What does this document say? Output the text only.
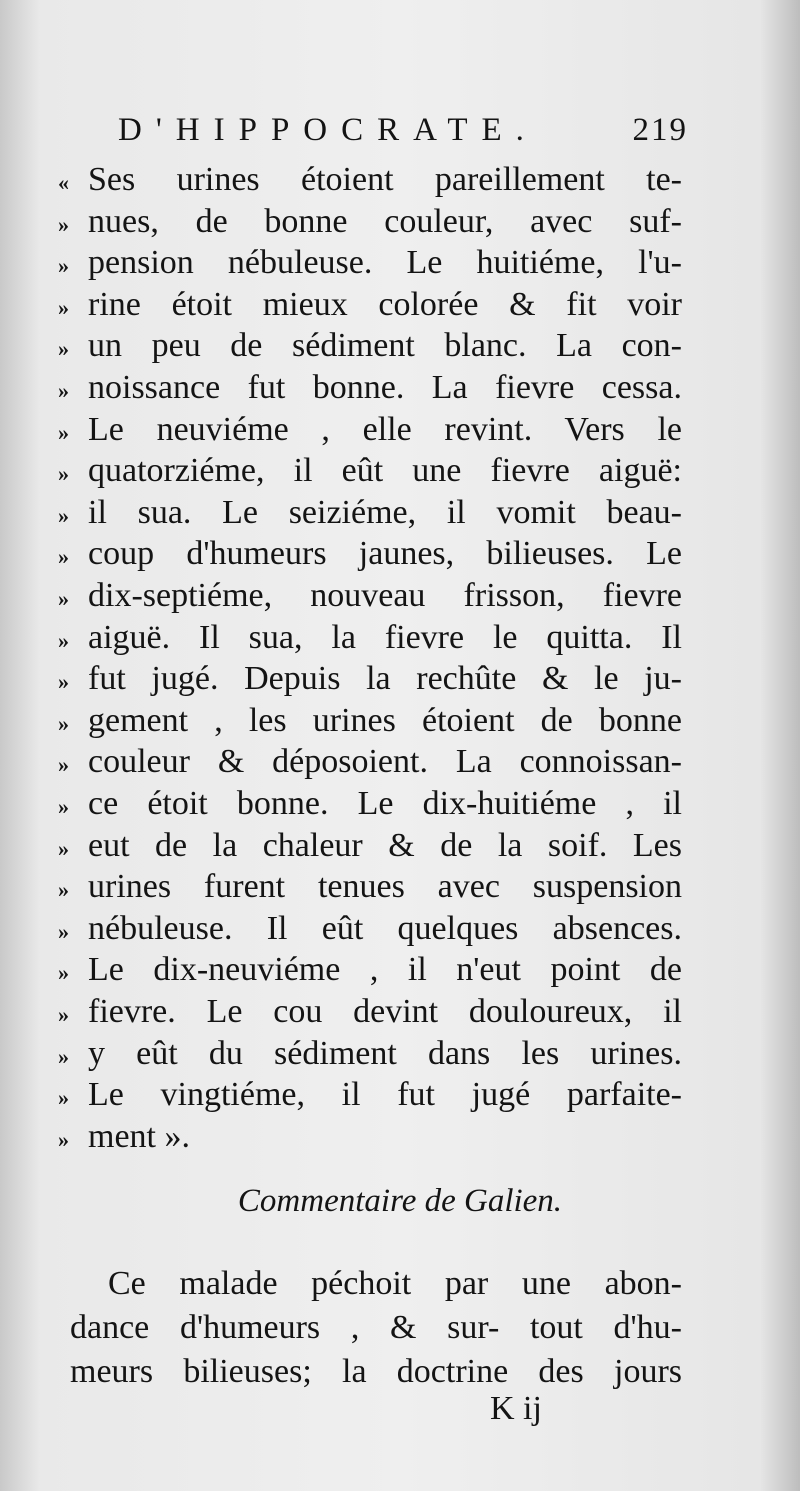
D'HIPPOCRATE.	219
« Ses urines étoient pareillement te-
» nues, de bonne couleur, avec suf-
» pension nébuleuse. Le huitiéme, l'u-
» rine étoit mieux colorée & fit voir
» un peu de sédiment blanc. La con-
» noissance fut bonne. La fievre cessa.
» Le neuviéme , elle revint. Vers le
» quatorziéme, il eût une fievre aiguë:
» il sua. Le seiziéme, il vomit beau-
» coup d'humeurs jaunes, bilieuses. Le
» dix-septiéme, nouveau frisson, fievre
» aiguë. Il sua, la fievre le quitta. Il
» fut jugé. Depuis la rechûte & le ju-
» gement , les urines étoient de bonne
» couleur & déposoient. La connoissan-
» ce étoit bonne. Le dix-huitiéme , il
» eut de la chaleur & de la soif. Les
» urines furent tenues avec suspension
» nébuleuse. Il eût quelques absences.
» Le dix-neuviéme , il n'eut point de
» fievre. Le cou devint douloureux, il
» y eût du sédiment dans les urines.
» Le vingtiéme, il fut jugé parfaite-
» ment ».
Commentaire de Galien.
Ce malade péchoit par une abon-
dance d'humeurs , & sur- tout d'hu-
meurs bilieuses; la doctrine des jours
K ij
